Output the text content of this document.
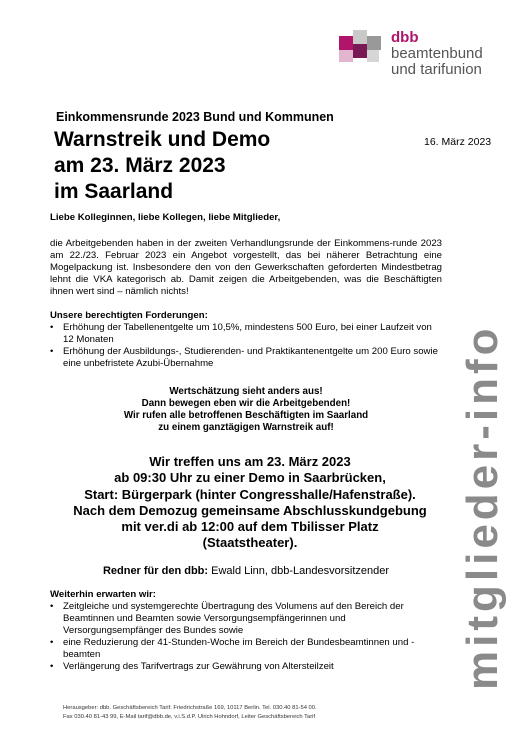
dbb
beamtenbund
und tarifunion
Einkommensrunde 2023 Bund und Kommunen
Warnstreik und Demo
am 23. März 2023
im Saarland
16. März 2023
mitglieder-info
Liebe Kolleginnen, liebe Kollegen, liebe Mitglieder,
die Arbeitgebenden haben in der zweiten Verhandlungsrunde der Einkommens-runde 2023 am 22./23. Februar 2023 ein Angebot vorgestellt, das bei näherer Betrachtung eine Mogelpackung ist. Insbesondere den von den Gewerkschaften geforderten Mindestbetrag lehnt die VKA kategorisch ab. Damit zeigen die Arbeitgebenden, was die Beschäftigten ihnen wert sind – nämlich nichts!
Unsere berechtigten Forderungen:
• Erhöhung der Tabellenentgelte um 10,5%, mindestens 500 Euro, bei einer Laufzeit von 12 Monaten
• Erhöhung der Ausbildungs-, Studierenden- und Praktikantenentgelte um 200 Euro sowie eine unbefristete Azubi-Übernahme
Wertschätzung sieht anders aus!
Dann bewegen eben wir die Arbeitgebenden!
Wir rufen alle betroffenen Beschäftigten im Saarland
zu einem ganztägigen Warnstreik auf!
Wir treffen uns am 23. März 2023
ab 09:30 Uhr zu einer Demo in Saarbrücken,
Start: Bürgerpark (hinter Congresshalle/Hafenstraße).
Nach dem Demozug gemeinsame Abschlusskundgebung
mit ver.di ab 12:00 auf dem Tbilisser Platz
(Staatstheater).
Redner für den dbb: Ewald Linn, dbb-Landesvorsitzender
Weiterhin erwarten wir:
• Zeitgleiche und systemgerechte Übertragung des Volumens auf den Bereich der Beamtinnen und Beamten sowie Versorgungsempfängerinnen und Versorgungsempfänger des Bundes sowie
• eine Reduzierung der 41-Stunden-Woche im Bereich der Bundesbeamtinnen und -beamten
• Verlängerung des Tarifvertrags zur Gewährung von Altersteilzeit
Herausgeber: dbb. Geschäftsbereich Tarif. Friedrichstraße 169, 10117 Berlin. Tel. 030.40 81-54 00.
Fax 030.40 81-43 99, E-Mail tarif@dbb.de, v.i.S.d.P. Ulrich Hohndorf, Leiter Geschäftsbereich Tarif
